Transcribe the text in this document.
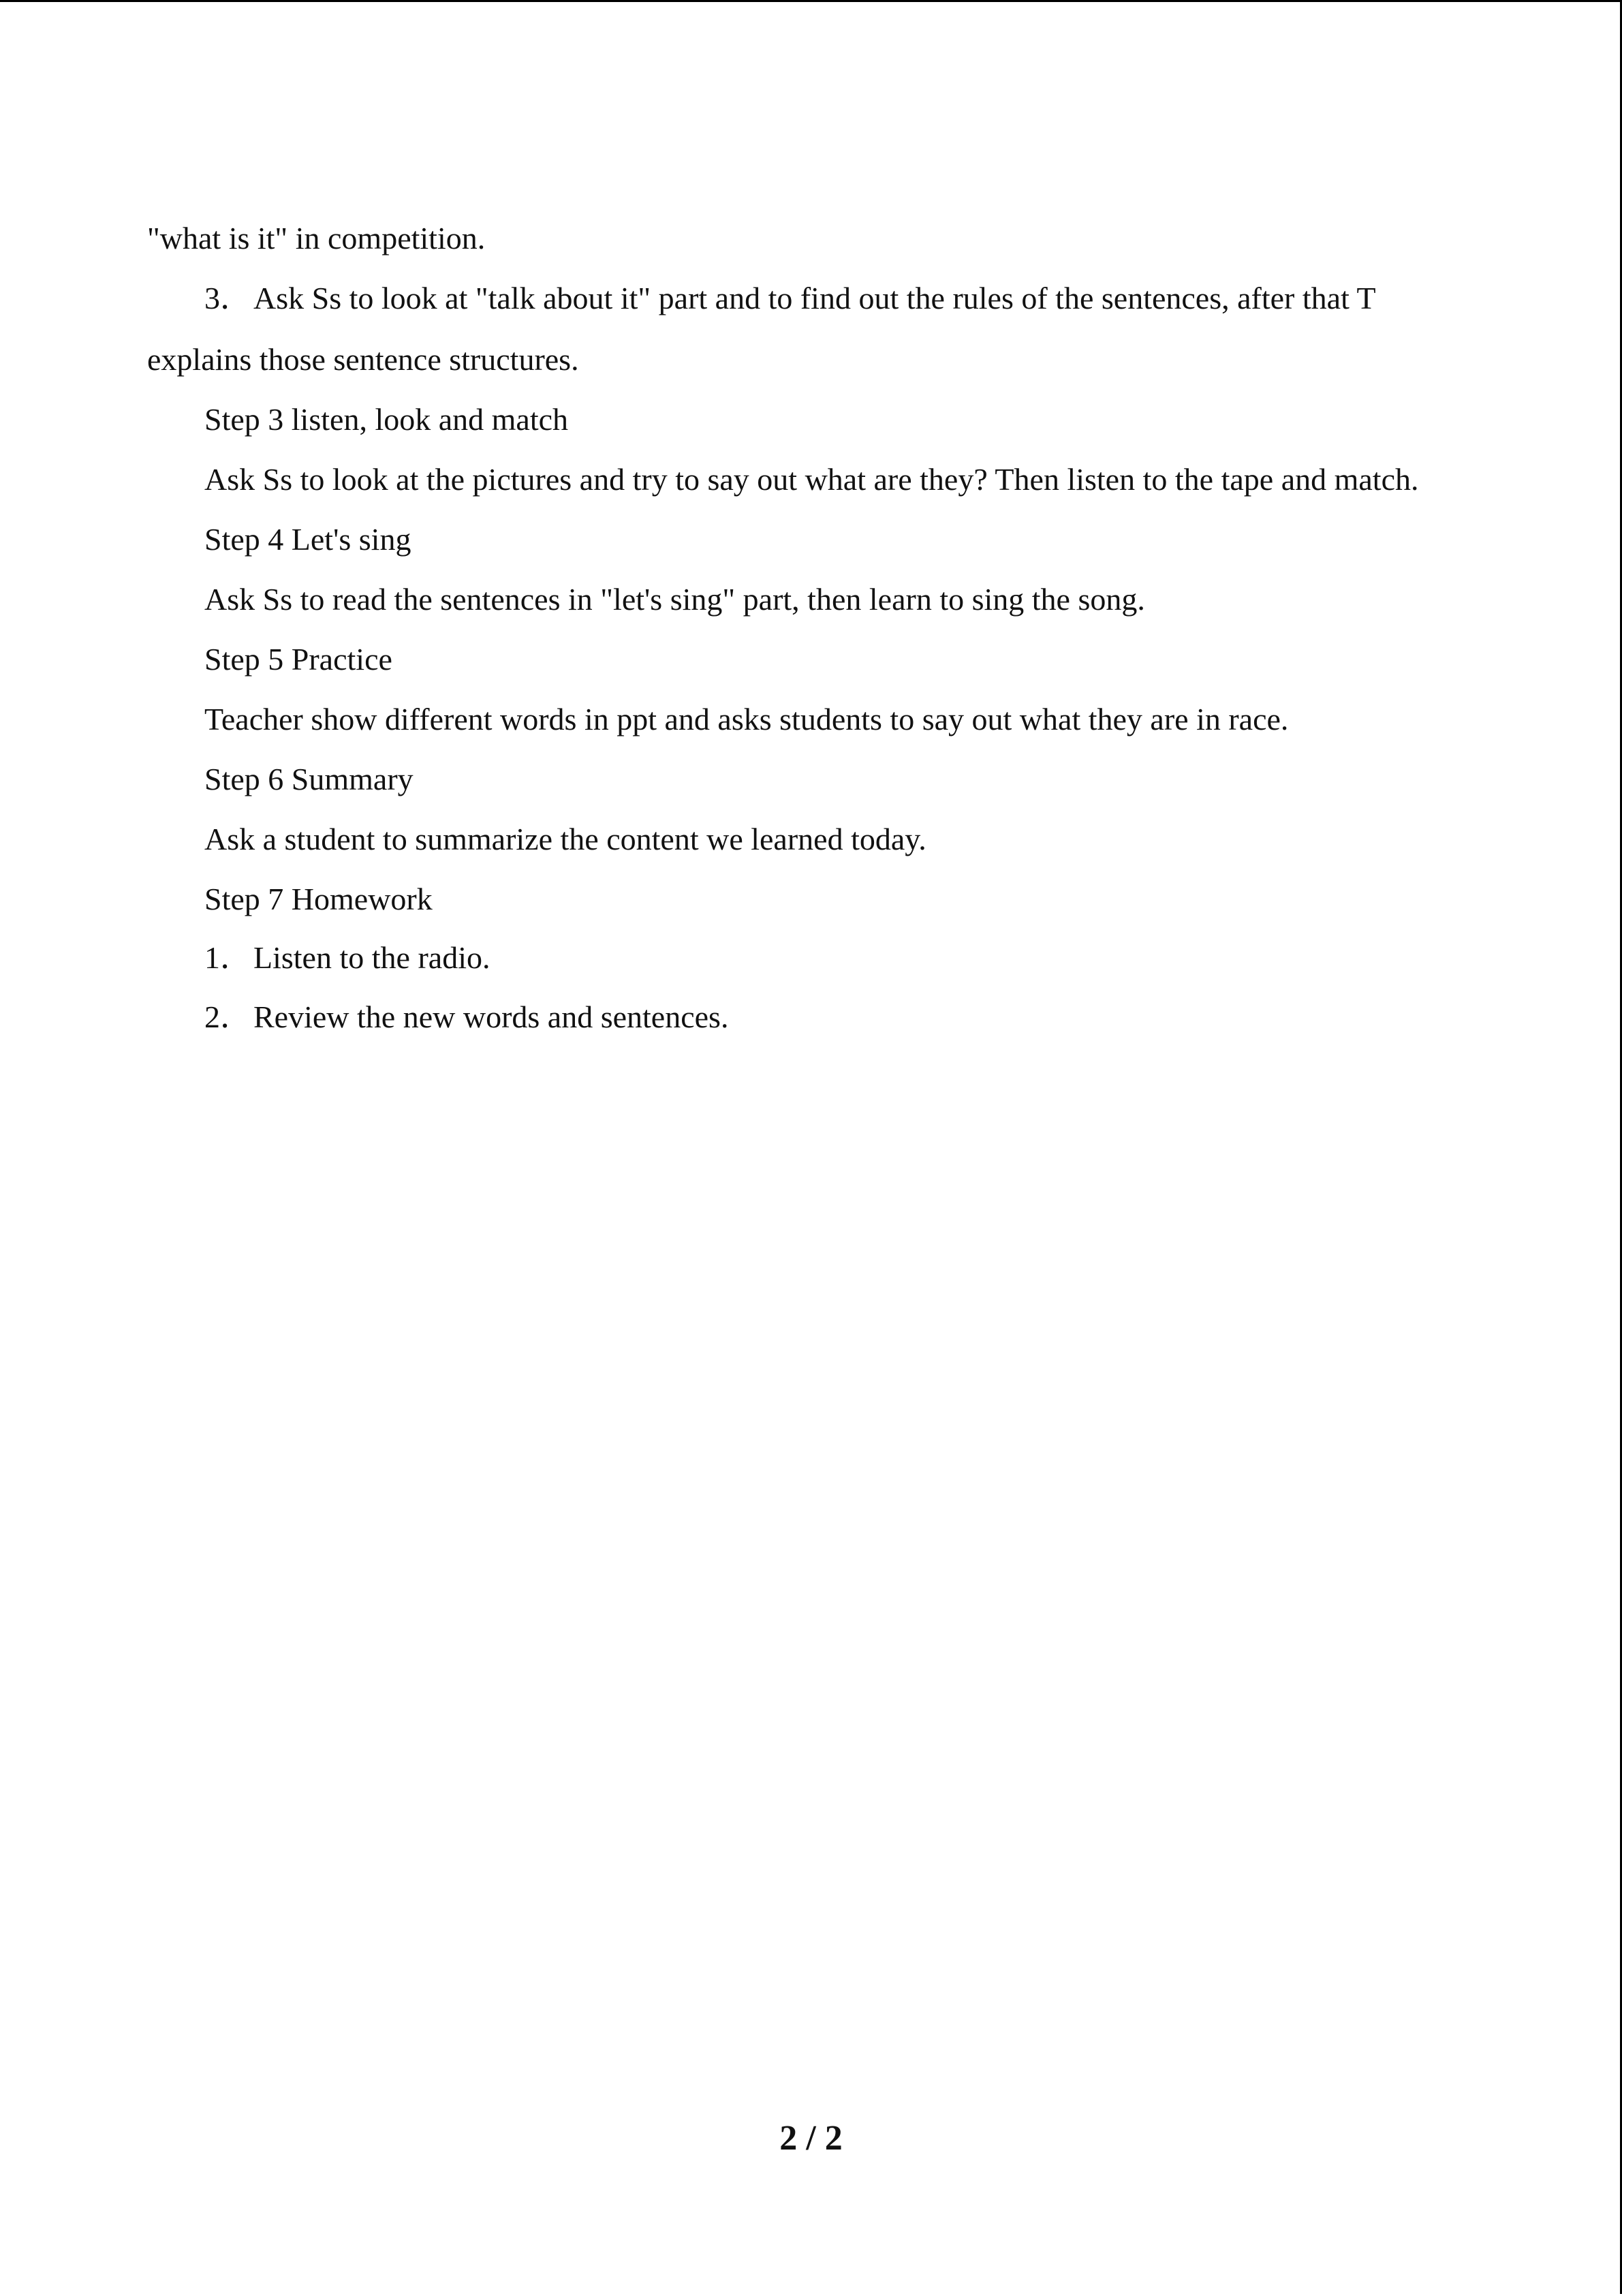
"what is it" in competition.
3．Ask Ss to look at "talk about it" part and to find out the rules of the sentences, after that T
explains those sentence structures.
Step 3 listen, look and match
Ask Ss to look at the pictures and try to say out what are they? Then listen to the tape and match.
Step 4 Let's sing
Ask Ss to read the sentences in "let's sing" part, then learn to sing the song.
Step 5 Practice
Teacher show different words in ppt and asks students to say out what they are in race.
Step 6 Summary
Ask a student to summarize the content we learned today.
Step 7 Homework
1．Listen to the radio.
2．Review the new words and sentences.
2 / 2
